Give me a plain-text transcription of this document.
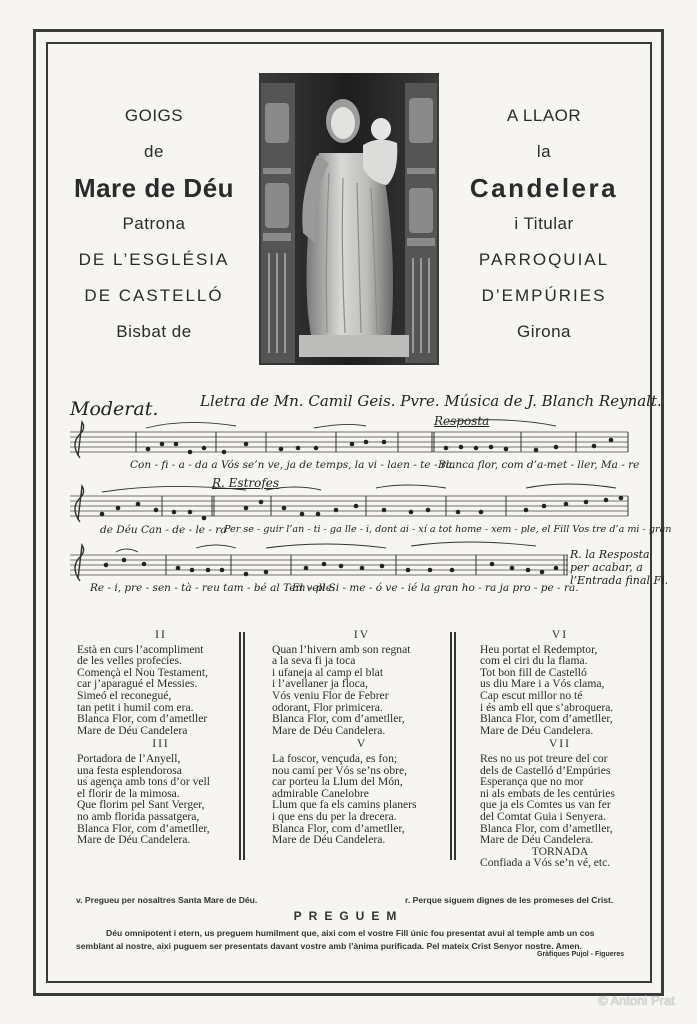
GOIGS
de
Mare de Déu
Patrona
DE L’ESGLÉSIA
DE CASTELLÓ
Bisbat de
A LLAOR
la
Candelera
i Titular
PARROQUIAL
D’EMPÚRIES
Girona
Moderat.	Lletra de Mn. Camil Geis. Pvre. Música de J. Blanch Reynalt.
Resposta
R. Estrofes
Con - fi - a - da a Vós se’n ve, ja de temps, la vi - laen - te - ra.
Blanca flor, com d’a-met - ller, Ma - re
de Déu Can - de - le - ra
Per se - guir l’an - ti - ga lle - i, dont ai - xí a tot home - xem - ple, el Fill Vos tre d’a mi - gran
Re - i, pre - sen - tà - reu tam - bé al Tem - ple.
El vell Si - me - ó ve - ié la gran ho - ra ja pro - pe - ra.
R. la Resposta
per acabar, a
l’Entrada final Fi.
II
Està en curs l’acompliment
de les velles profecies.
Començà el Nou Testament,
car j’aparagué el Messies.
Simeó el reconegué,
tan petit i humil com era.
Blanca Flor, com d’ametller
Mare de Déu Candelera
III
Portadora de l’Anyell,
una festa esplendorosa
us agença amb tons d’or vell
el florir de la mimosa.
Que florim pel Sant Verger,
no amb florida passatgera,
Blanca Flor, com d’ametller,
Mare de Déu Candelera.
IV
Quan l’hivern amb son regnat
a la seva fi ja toca
i ufaneja al camp el blat
i l’avellaner ja floca,
Vós veniu Flor de Febrer
odorant, Flor primicera.
Blanca Flor, com d’ametller,
Mare de Déu Candelera.
V
La foscor, vençuda, es fon;
nou camí per Vós se’ns obre,
car porteu la Llum del Món,
admirable Canelobre
Llum que fa els camins planers
i que ens du per la drecera.
Blanca Flor, com d’ametller,
Mare de Déu Candelera.
VI
Heu portat el Redemptor,
com el ciri du la flama.
Tot bon fill de Castelló
us diu Mare i a Vós clama,
Cap escut millor no té
i és amb ell que s’abroquera.
Blanca Flor, com d’ametller,
Mare de Déu Candelera.
VII
Res no us pot treure del cor
dels de Castelló d’Empúries
Esperança que no mor
ni als embats de les centúries
que ja els Comtes us van fer
del Comtat Guia i Senyera.
Blanca Flor, com d’ametller,
Mare de Déu Candelera.
TORNADA
Confiada a Vós se’n vé, etc.
v. Pregueu per nosaltres Santa Mare de Déu.	r. Perque siguem dignes de les promeses del Crist.
PREGUEM
Déu omnipotent i etern, us preguem humilment que, aixi com el vostre Fill únic fou presentat avui al temple amb un cos
semblant al nostre, aixi puguem ser presentats davant vostre amb l’ànima purificada. Pel mateix Crist Senyor nostre. Amen.
Gràfiques Pujol - Figueres
© Antoni Prat
